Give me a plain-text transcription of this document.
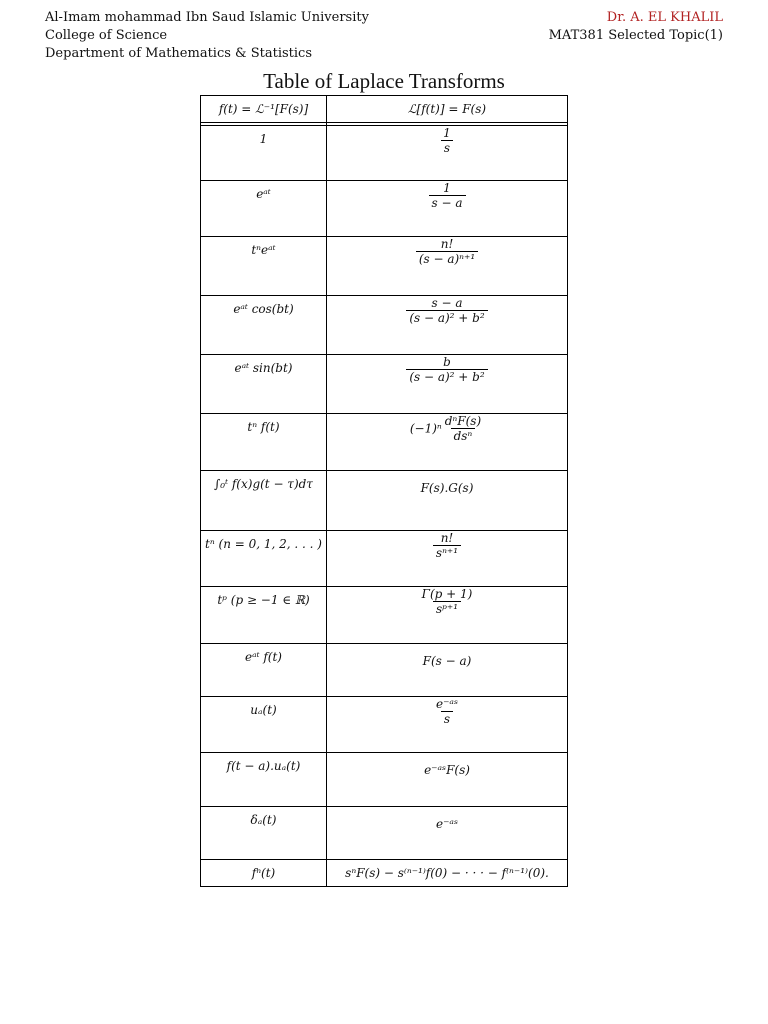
Al-Imam mohammad Ibn Saud Islamic University
College of Science
Department of Mathematics & Statistics
Dr. A. EL KHALIL
MAT381 Selected Topic(1)
Table of Laplace Transforms
f(t) = ℒ⁻¹[F(s)]	ℒ[f(t)] = F(s)

1	$\frac{1}{s}$

eᵃᵗ	$\frac{1}{s - a}$

tⁿeᵃᵗ	$\frac{n!}{\text{(s − a)ⁿ⁺¹}}$

eᵃᵗ cos(bt)	$\frac{s - a}{\text{(s − a)² + b²}}$

eᵃᵗ sin(bt)	$\frac{b}{\text{(s − a)² + b²}}$

tⁿ f(t)	$(-1)^n \frac{\text{dⁿF(s)}}{\text{dsⁿ}}$

∫₀ᵗ f(x)g(t − τ)dτ	F(s).G(s)

tⁿ (n = 0, 1, 2, . . . )	$\frac{n!}{\text{sⁿ⁺¹}}$

tᵖ (p ≥ −1 ∈ ℝ)	$\frac{\Gamma(p + 1)}{\text{sᵖ⁺¹}}$

eᵃᵗ f(t)	F(s − a)

uₐ(t)	$\frac{\text{e⁻ᵃˢ}}{s}$

f(t − a).uₐ(t)	e⁻ᵃˢF(s)

δₐ(t)	e⁻ᵃˢ

fⁿ(t)	sⁿF(s) − s⁽ⁿ⁻¹⁾f(0) − · · · − f⁽ⁿ⁻¹⁾(0).
